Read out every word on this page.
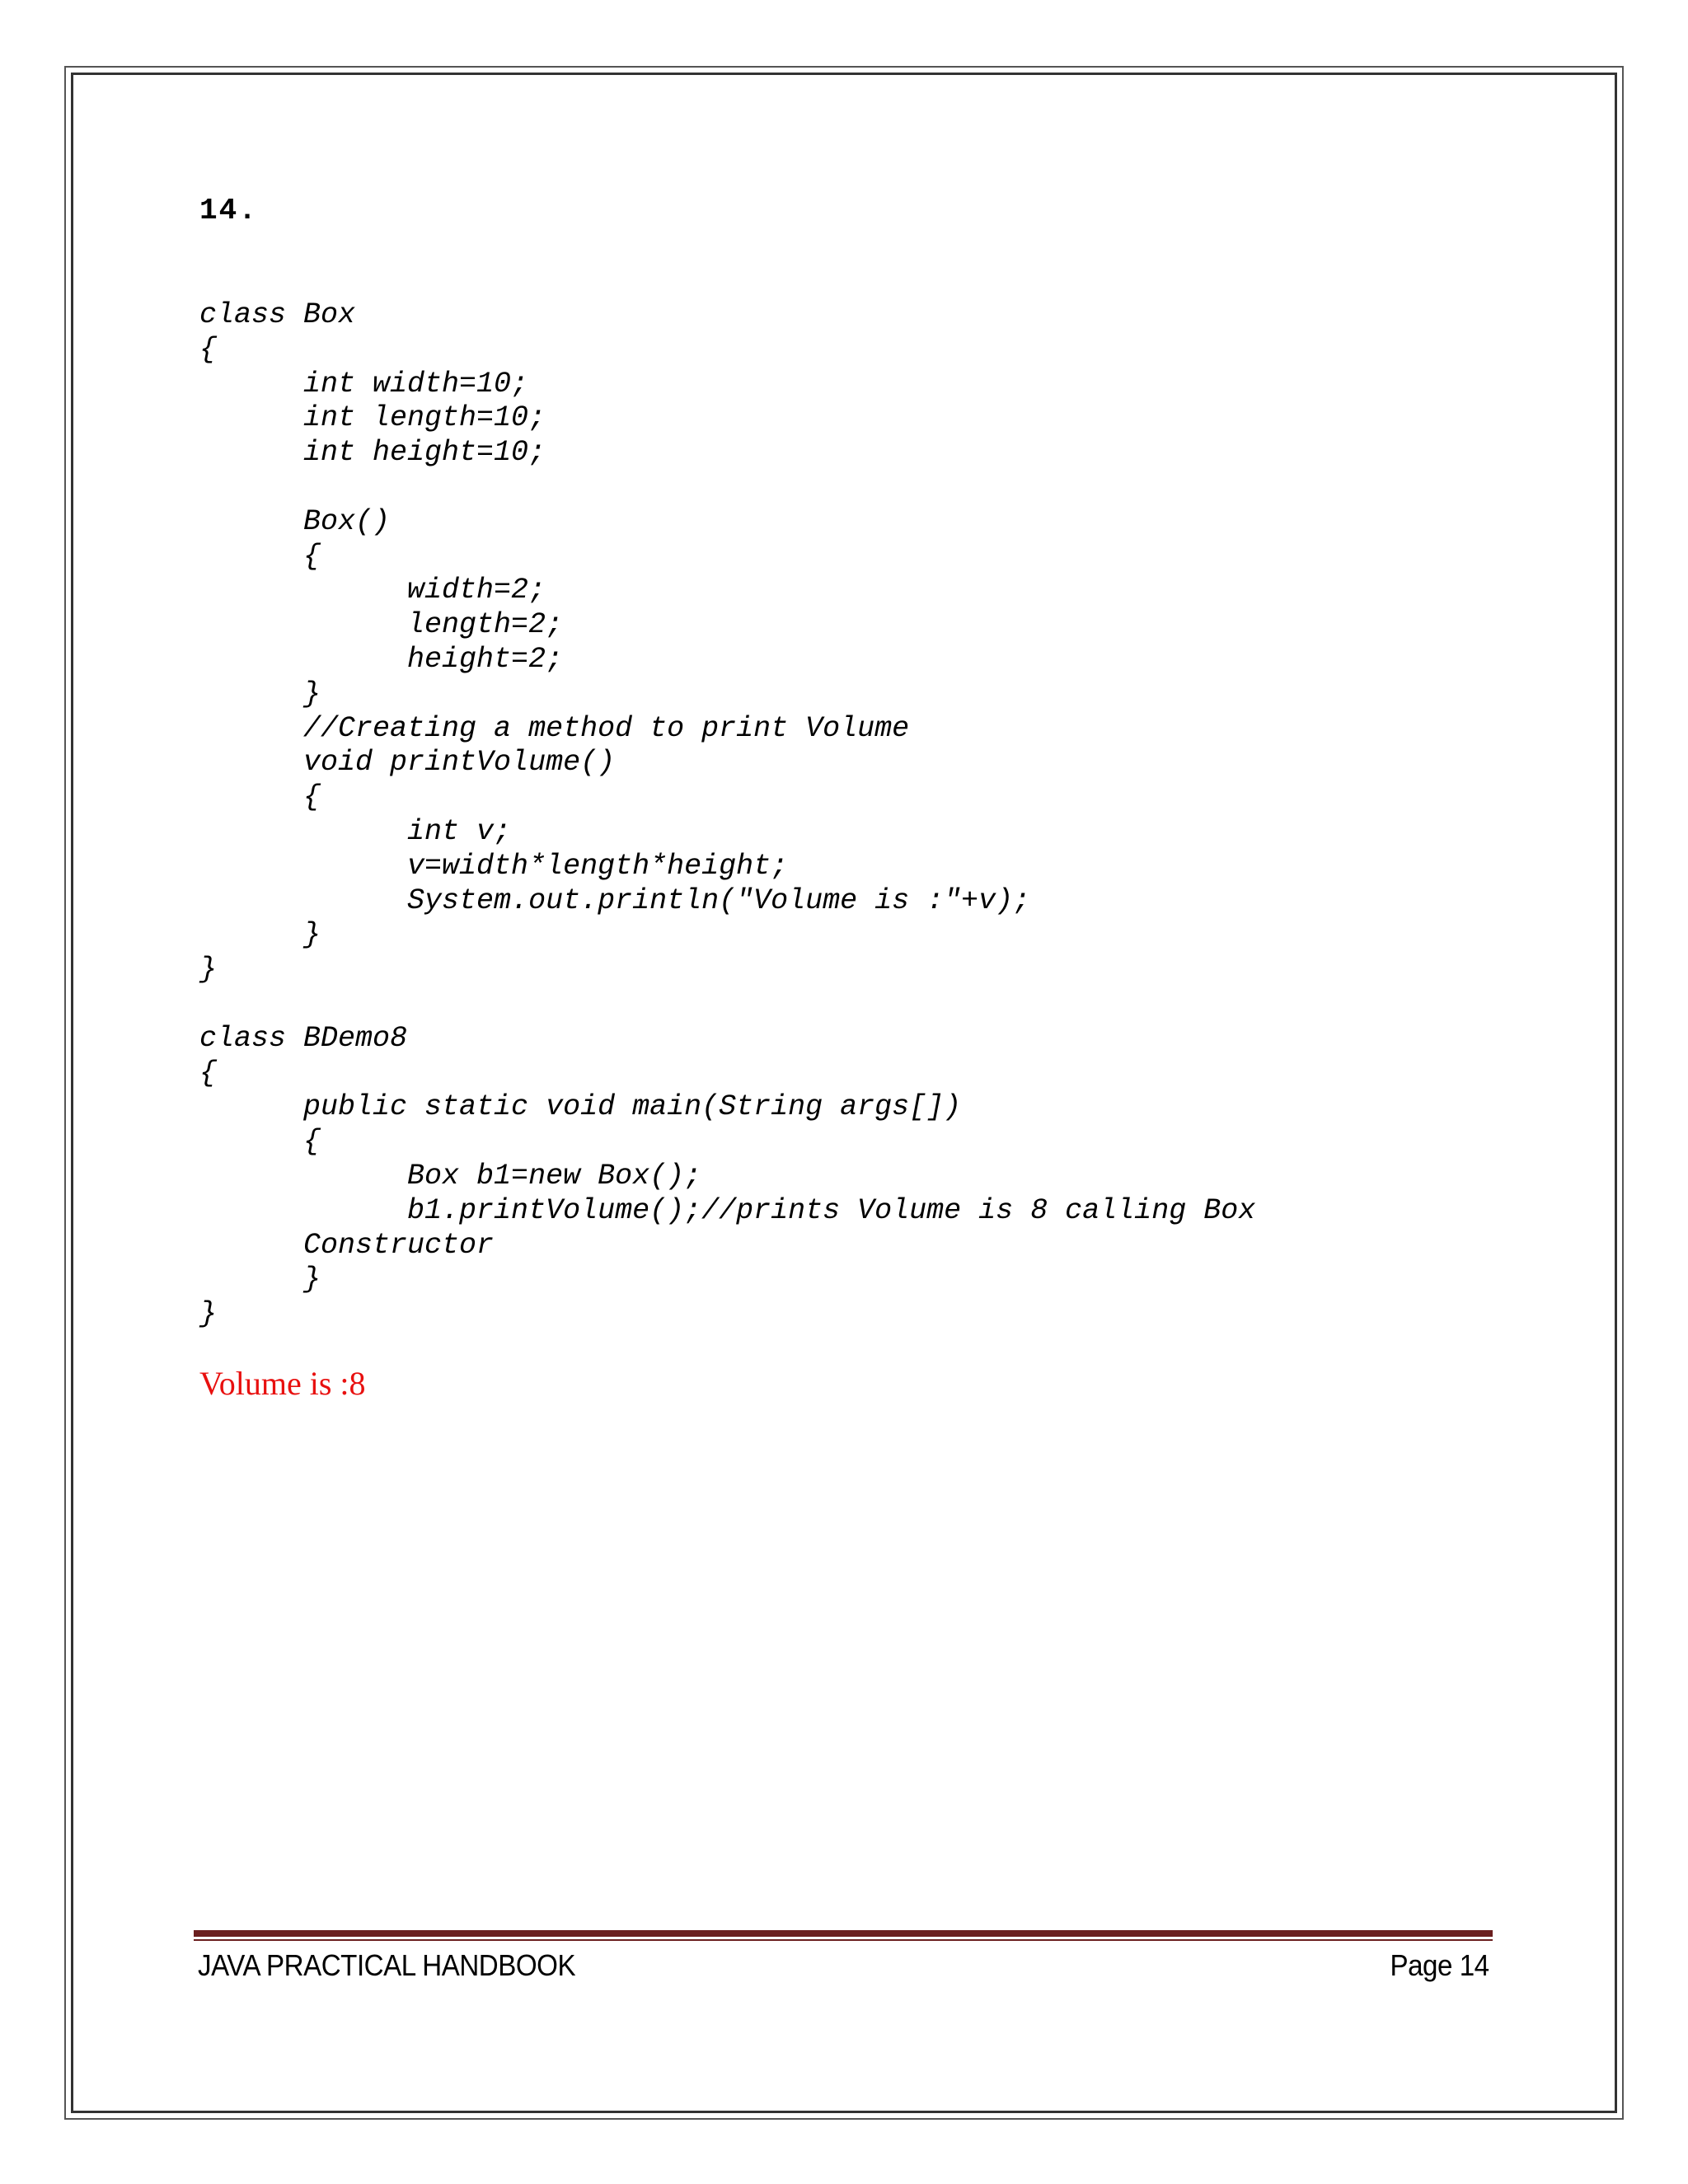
14.
class Box
{
int width=10;
int length=10;
int height=10;
Box()
{
width=2;
length=2;
height=2;
}
//Creating a method to print Volume
void printVolume()
{
int v;
v=width*length*height;
System.out.println("Volume is :"+v);
}
}
class BDemo8
{
public static void main(String args[])
{
Box b1=new Box();
b1.printVolume();//prints Volume is 8 calling Box
Constructor
}
}
Volume is :8
JAVA PRACTICAL HANDBOOK	Page 14
